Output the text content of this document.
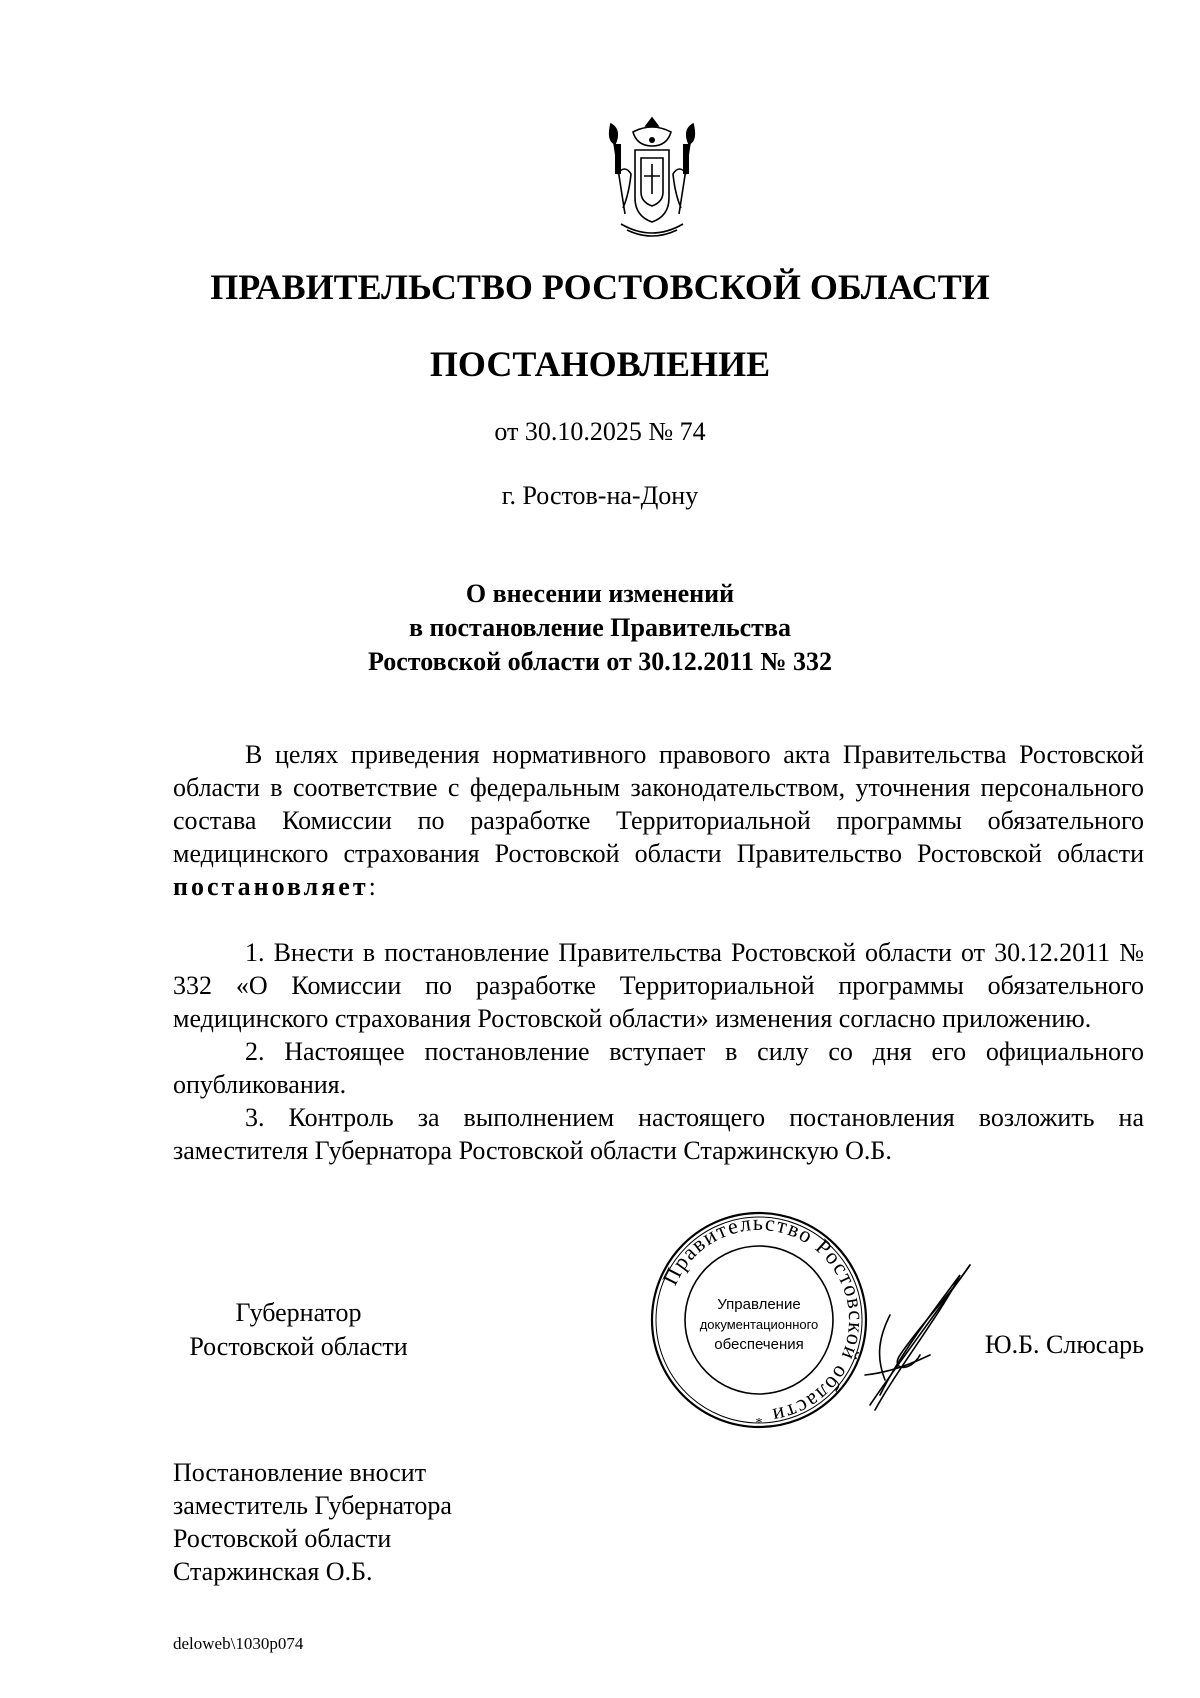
ПРАВИТЕЛЬСТВО РОСТОВСКОЙ ОБЛАСТИ
ПОСТАНОВЛЕНИЕ
от 30.10.2025 № 74
г. Ростов-на-Дону
О внесении изменений
в постановление Правительства
Ростовской области от 30.12.2011 № 332

В целях приведения нормативного правового акта Правительства Ростовской области в соответствие с федеральным законодательством, уточнения персонального состава Комиссии по разработке Территориальной программы обязательного медицинского страхования Ростовской области Правительство Ростовской области постановляет:

1. Внести в постановление Правительства Ростовской области от 30.12.2011 № 332 «О Комиссии по разработке Территориальной программы обязательного медицинского страхования Ростовской области» изменения согласно приложению.

2. Настоящее постановление вступает в силу со дня его официального опубликования.

3. Контроль за выполнением настоящего постановления возложить на заместителя Губернатора Ростовской области Старжинскую О.Б.

Губернатор
Ростовской области
Правительство Ростовской области
*
Управление
документационного
обеспечения	Ю.Б. Слюсарь
Постановление вносит
заместитель Губернатора
Ростовской области
Старжинская О.Б.
deloweb\1030p074
